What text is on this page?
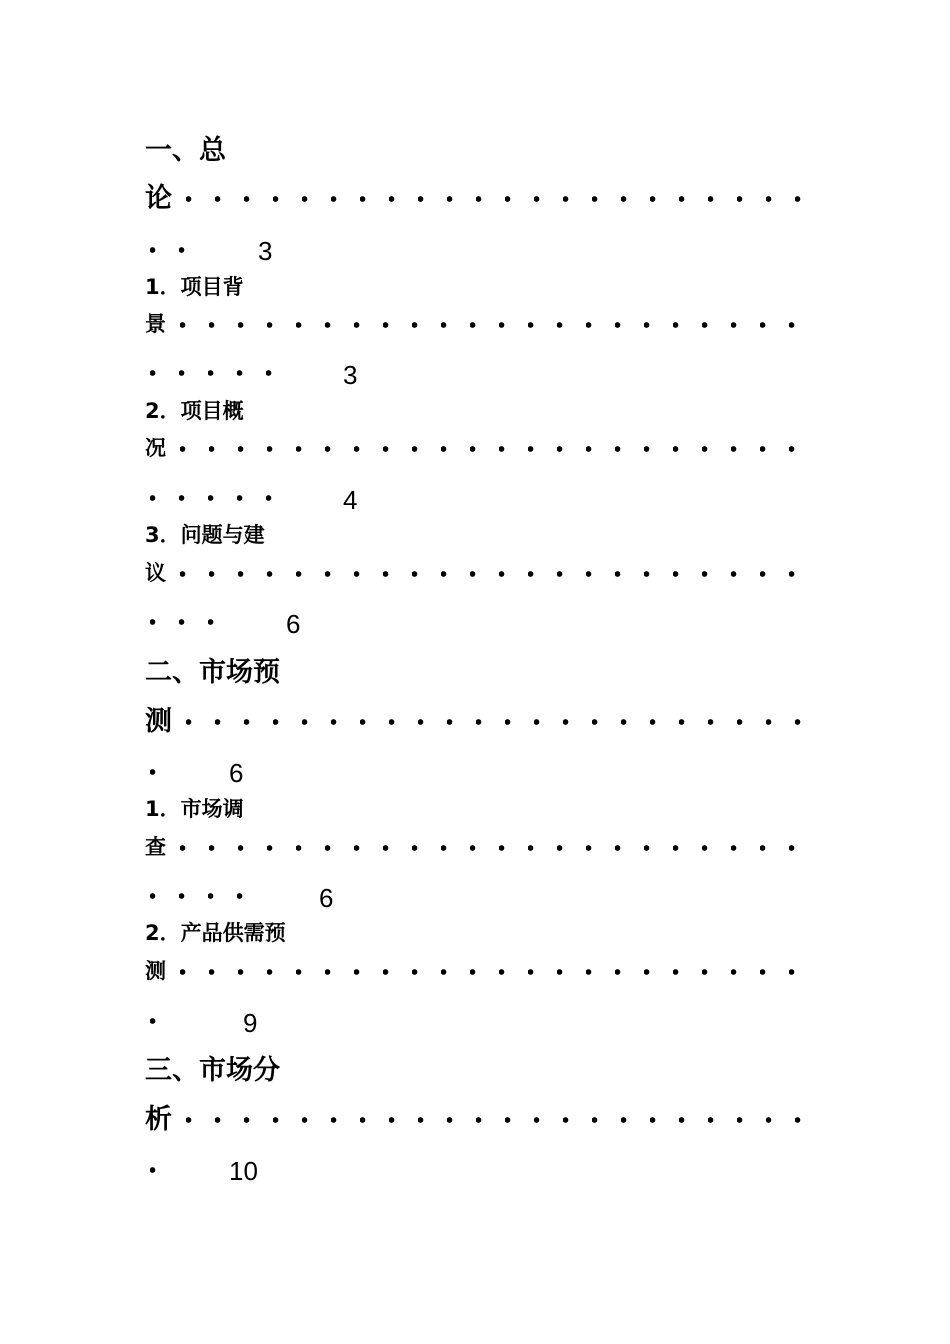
一、总
论
3
1．项目背
景
3
2．项目概
况
4
3．问题与建
议
6
二、市场预
测
6
1．市场调
查
6
2．产品供需预
测
9
三、市场分
析
10
